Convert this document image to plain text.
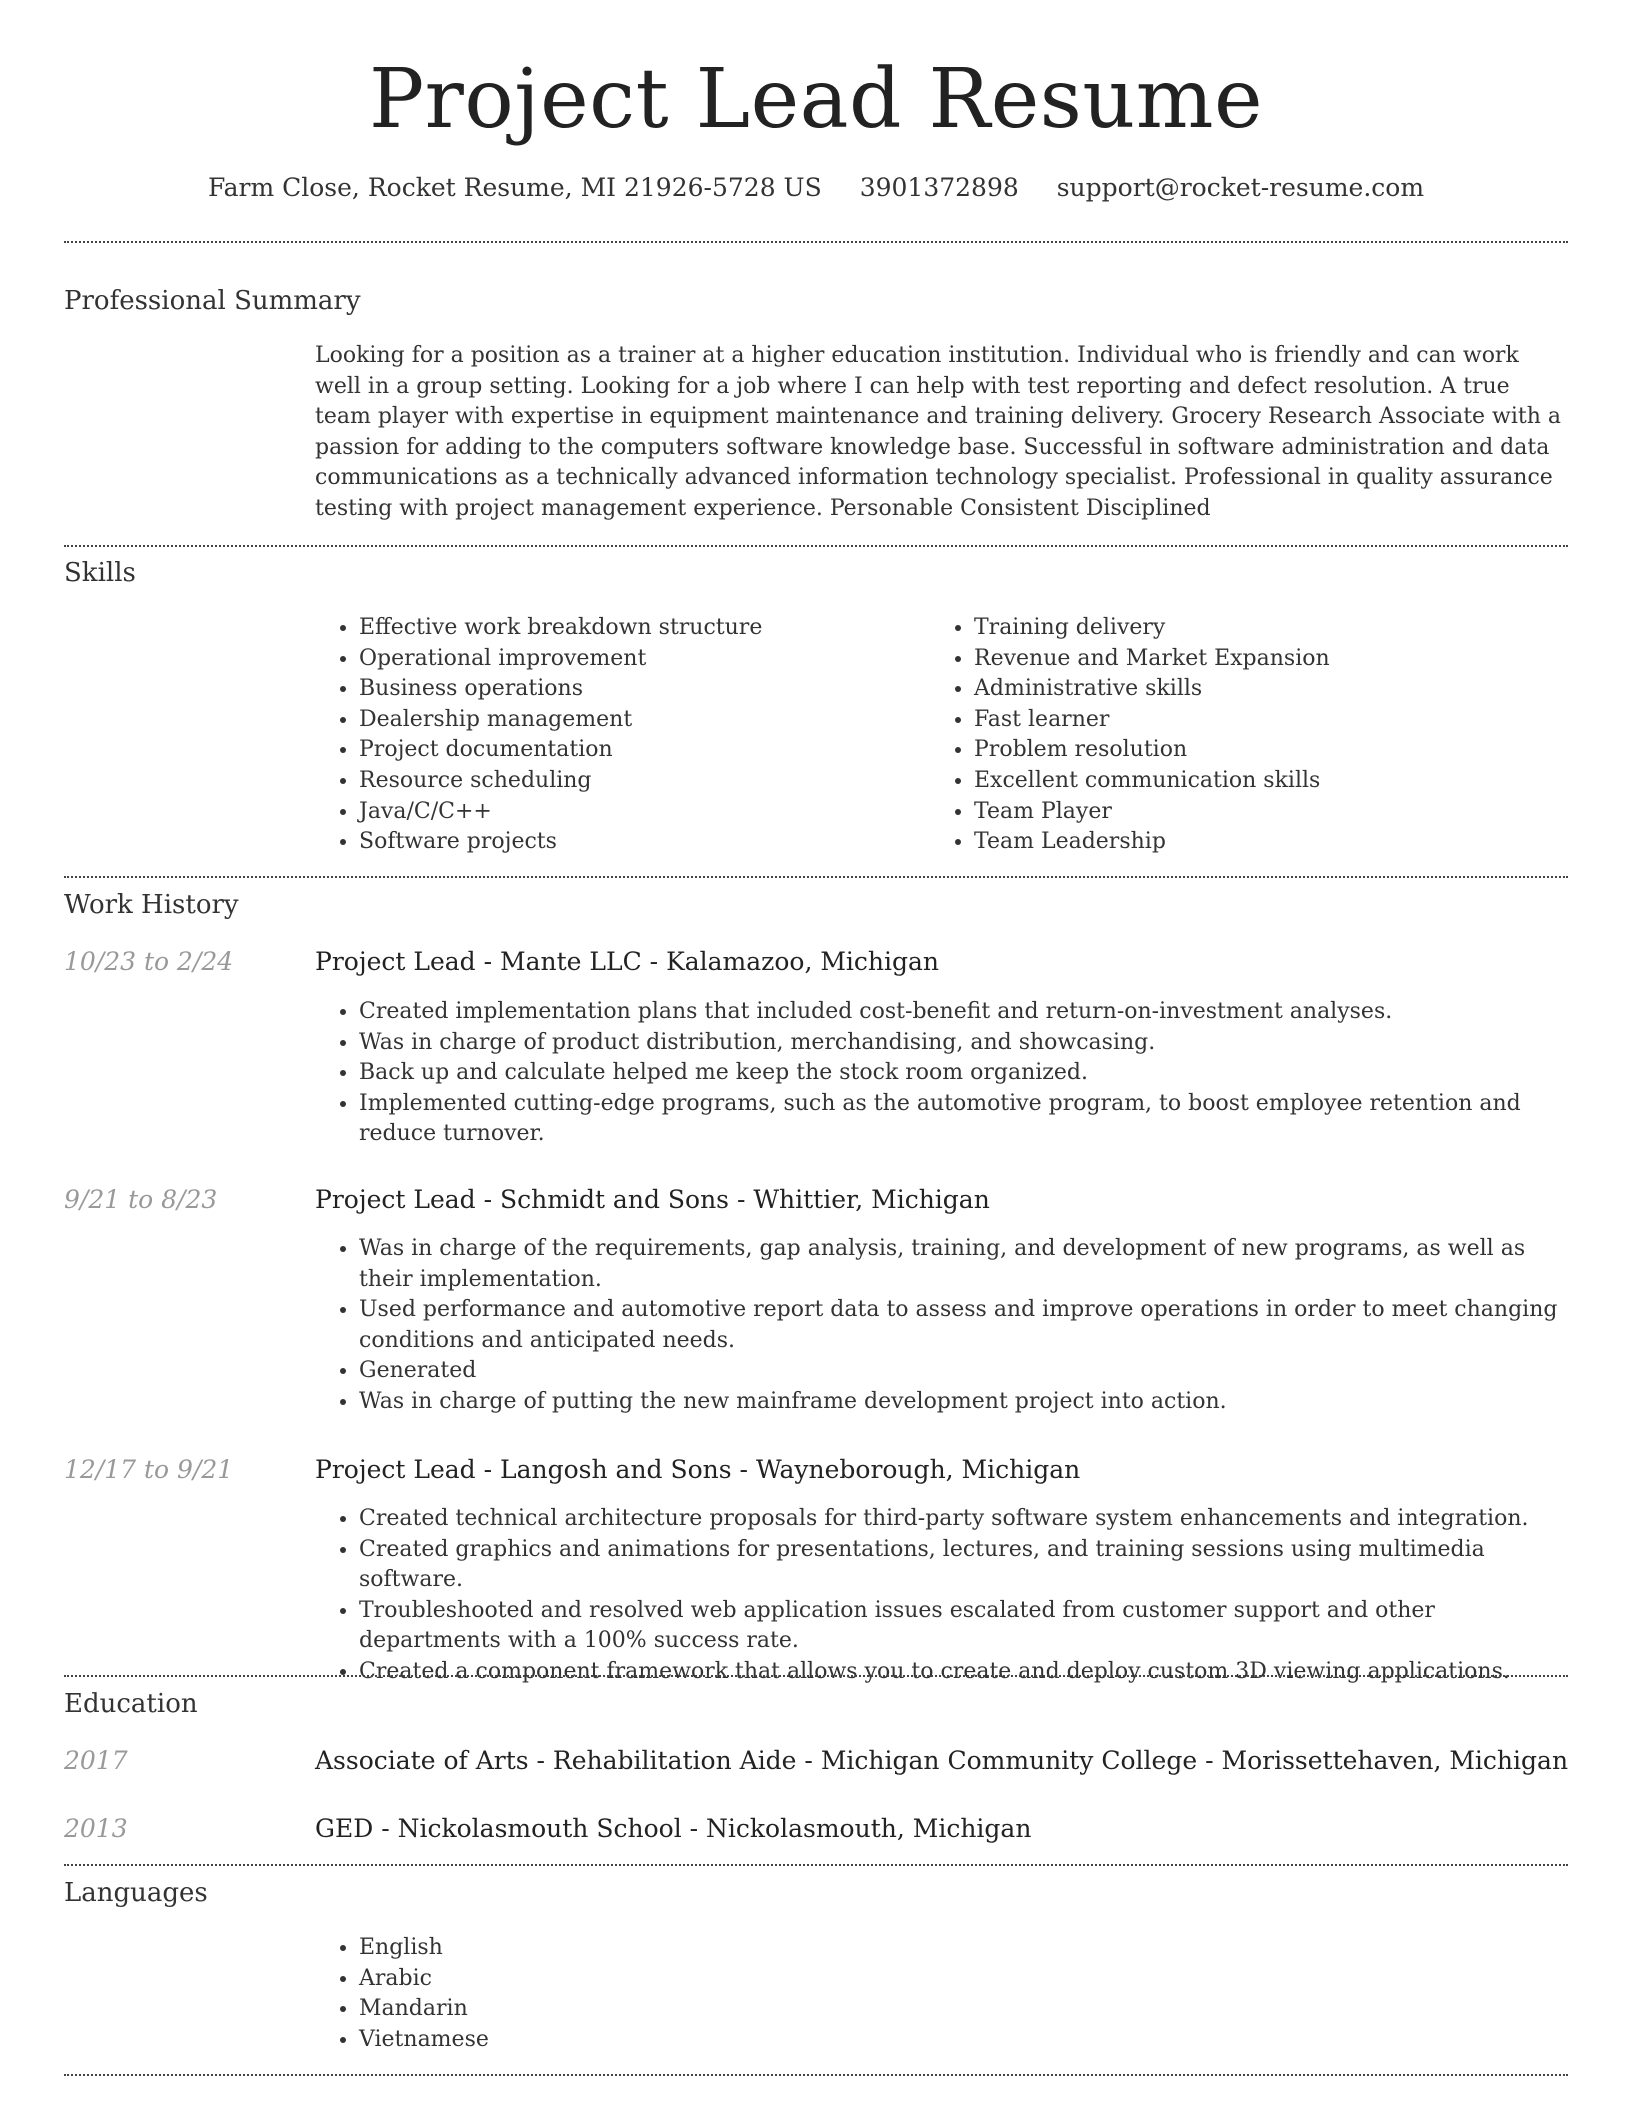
Project Lead Resume
Farm Close, Rocket Resume, MI 21926-5728 US 3901372898 support@rocket-resume.com
Professional Summary
Looking for a position as a trainer at a higher education institution. Individual who is friendly and can work well in a group setting. Looking for a job where I can help with test reporting and defect resolution. A true team player with expertise in equipment maintenance and training delivery. Grocery Research Associate with a passion for adding to the computers software knowledge base. Successful in software administration and data communications as a technically advanced information technology specialist. Professional in quality assurance testing with project management experience. Personable Consistent Disciplined
Skills
• Effective work breakdown structure
• Operational improvement
• Business operations
• Dealership management
• Project documentation
• Resource scheduling
• Java/C/C++
• Software projects
• Training delivery
• Revenue and Market Expansion
• Administrative skills
• Fast learner
• Problem resolution
• Excellent communication skills
• Team Player
• Team Leadership
Work History
10/23 to 2/24	Project Lead - Mante LLC - Kalamazoo, Michigan
• Created implementation plans that included cost-benefit and return-on-investment analyses.
• Was in charge of product distribution, merchandising, and showcasing.
• Back up and calculate helped me keep the stock room organized.
• Implemented cutting-edge programs, such as the automotive program, to boost employee retention and reduce turnover.
9/21 to 8/23	Project Lead - Schmidt and Sons - Whittier, Michigan
• Was in charge of the requirements, gap analysis, training, and development of new programs, as well as their implementation.
• Used performance and automotive report data to assess and improve operations in order to meet changing conditions and anticipated needs.
• Generated
• Was in charge of putting the new mainframe development project into action.
12/17 to 9/21	Project Lead - Langosh and Sons - Wayneborough, Michigan
• Created technical architecture proposals for third-party software system enhancements and integration.
• Created graphics and animations for presentations, lectures, and training sessions using multimedia software.
• Troubleshooted and resolved web application issues escalated from customer support and other departments with a 100% success rate.
• Created a component framework that allows you to create and deploy custom 3D viewing applications.
Education
2017	Associate of Arts - Rehabilitation Aide - Michigan Community College - Morissettehaven, Michigan
2013	GED - Nickolasmouth School - Nickolasmouth, Michigan
Languages
• English
• Arabic
• Mandarin
• Vietnamese
